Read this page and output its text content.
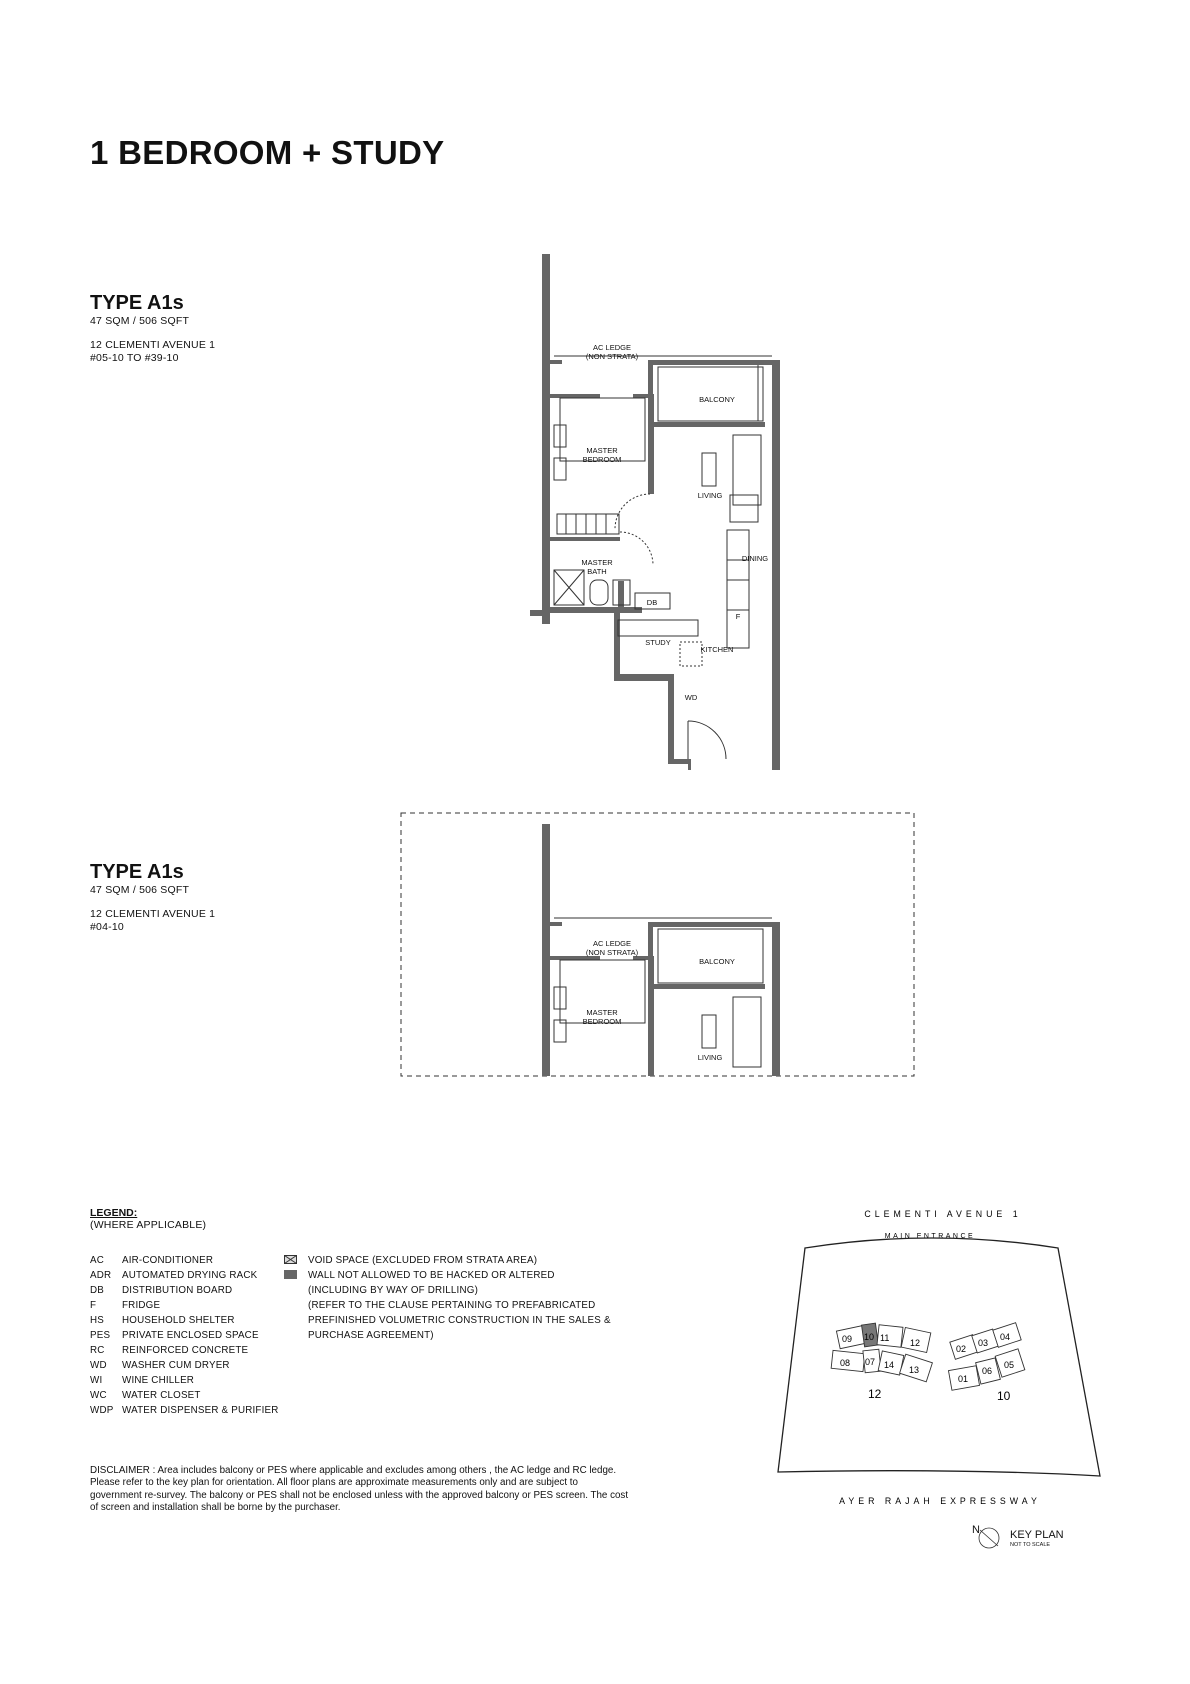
1 BEDROOM + STUDY
TYPE A1s
47 SQM / 506 SQFT
12 CLEMENTI AVENUE 1
#05-10 TO #39-10
TYPE A1s
47 SQM / 506 SQFT
12 CLEMENTI AVENUE 1
#04-10
AC LEDGE
(NON STRATA)
BALCONY
MASTER
BEDROOM
LIVING
DINING
MASTER
BATH
DB
F
STUDY
KITCHEN
WD
AC LEDGE
(NON STRATA)
BALCONY
MASTER
BEDROOM
LIVING
LEGEND:
(WHERE APPLICABLE)
AC	AIR-CONDITIONER
ADR	AUTOMATED DRYING RACK
DB	DISTRIBUTION BOARD
F	FRIDGE
HS	HOUSEHOLD SHELTER
PES	PRIVATE ENCLOSED SPACE
RC	REINFORCED CONCRETE
WD	WASHER CUM DRYER
WI	WINE CHILLER
WC	WATER CLOSET
WDP WATER DISPENSER & PURIFIER
VOID SPACE (EXCLUDED FROM STRATA AREA)
WALL NOT ALLOWED TO BE HACKED OR ALTERED
(INCLUDING BY WAY OF DRILLING)
(REFER TO THE CLAUSE PERTAINING TO PREFABRICATED
PREFINISHED VOLUMETRIC CONSTRUCTION IN THE SALES &
PURCHASE AGREEMENT)
DISCLAIMER : Area includes balcony or PES where applicable and excludes among others , the AC ledge and RC ledge. Please refer to the key plan for orientation. All floor plans are approximate measurements only and are subject to government re-survey. The balcony or PES shall not be enclosed unless with the approved balcony or PES screen. The cost of screen and installation shall be borne by the purchaser.
CLEMENTI AVENUE 1
MAIN ENTRANCE
09 10 11 12
08 07 14 13
12
02
03
04
01
06
05
10
AYER RAJAH EXPRESSWAY
N	KEY PLAN
NOT TO SCALE
